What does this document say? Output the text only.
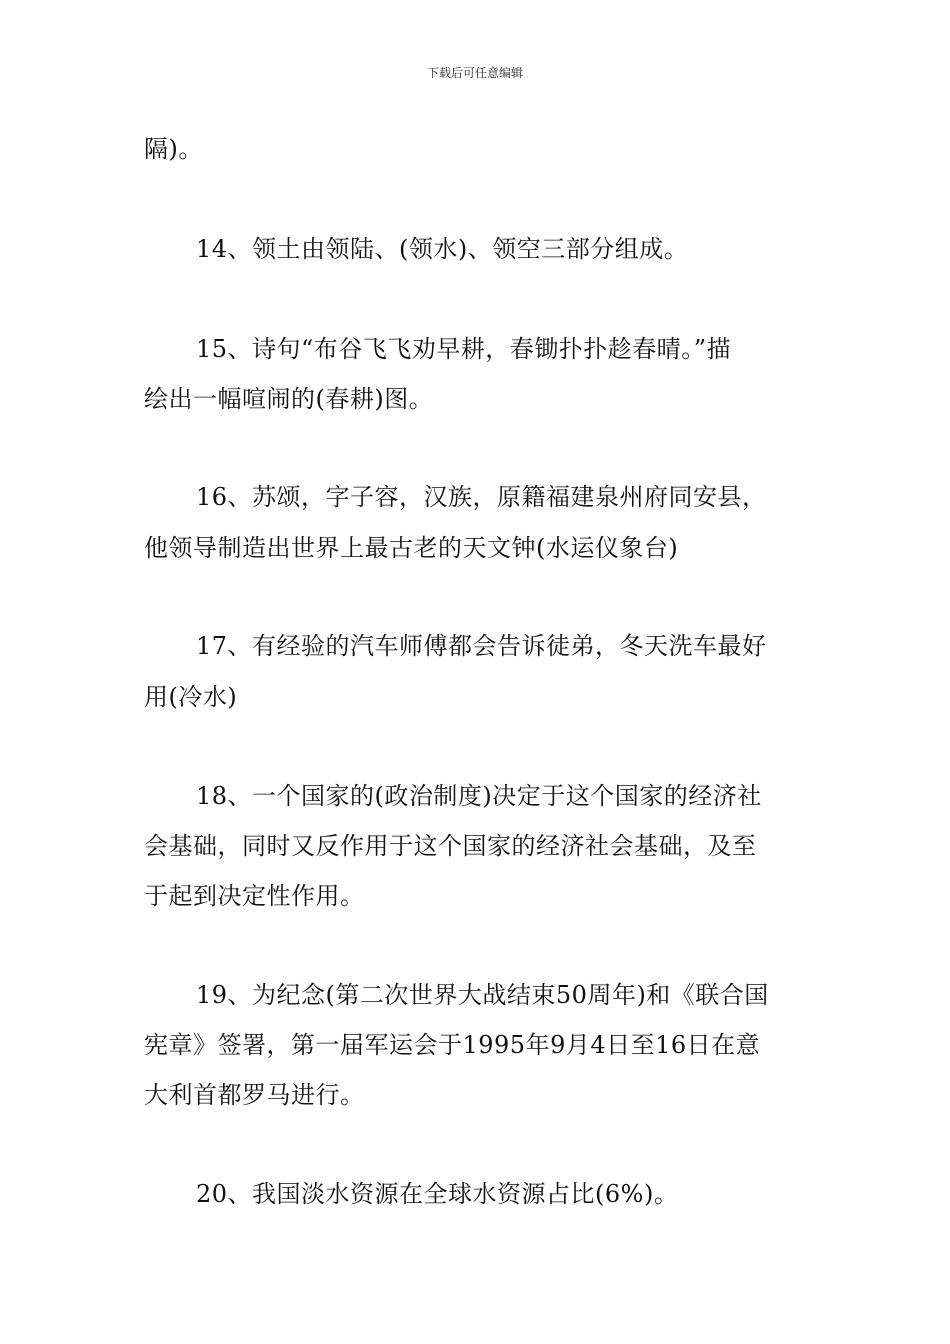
下载后可任意编辑
隔)。
14、领土由领陆、(领水)、领空三部分组成。
15、诗句“布谷飞飞劝早耕，春锄扑扑趁春晴。”描
绘出一幅喧闹的(春耕)图。
16、苏颂，字子容，汉族，原籍福建泉州府同安县，
他领导制造出世界上最古老的天文钟(水运仪象台)
17、有经验的汽车师傅都会告诉徒弟，冬天洗车最好
用(冷水)
18、一个国家的(政治制度)决定于这个国家的经济社
会基础，同时又反作用于这个国家的经济社会基础，及至
于起到决定性作用。
19、为纪念(第二次世界大战结束50周年)和《联合国
宪章》签署，第一届军运会于1995年9月4日至16日在意
大利首都罗马进行。
20、我国淡水资源在全球水资源占比(6%)。
